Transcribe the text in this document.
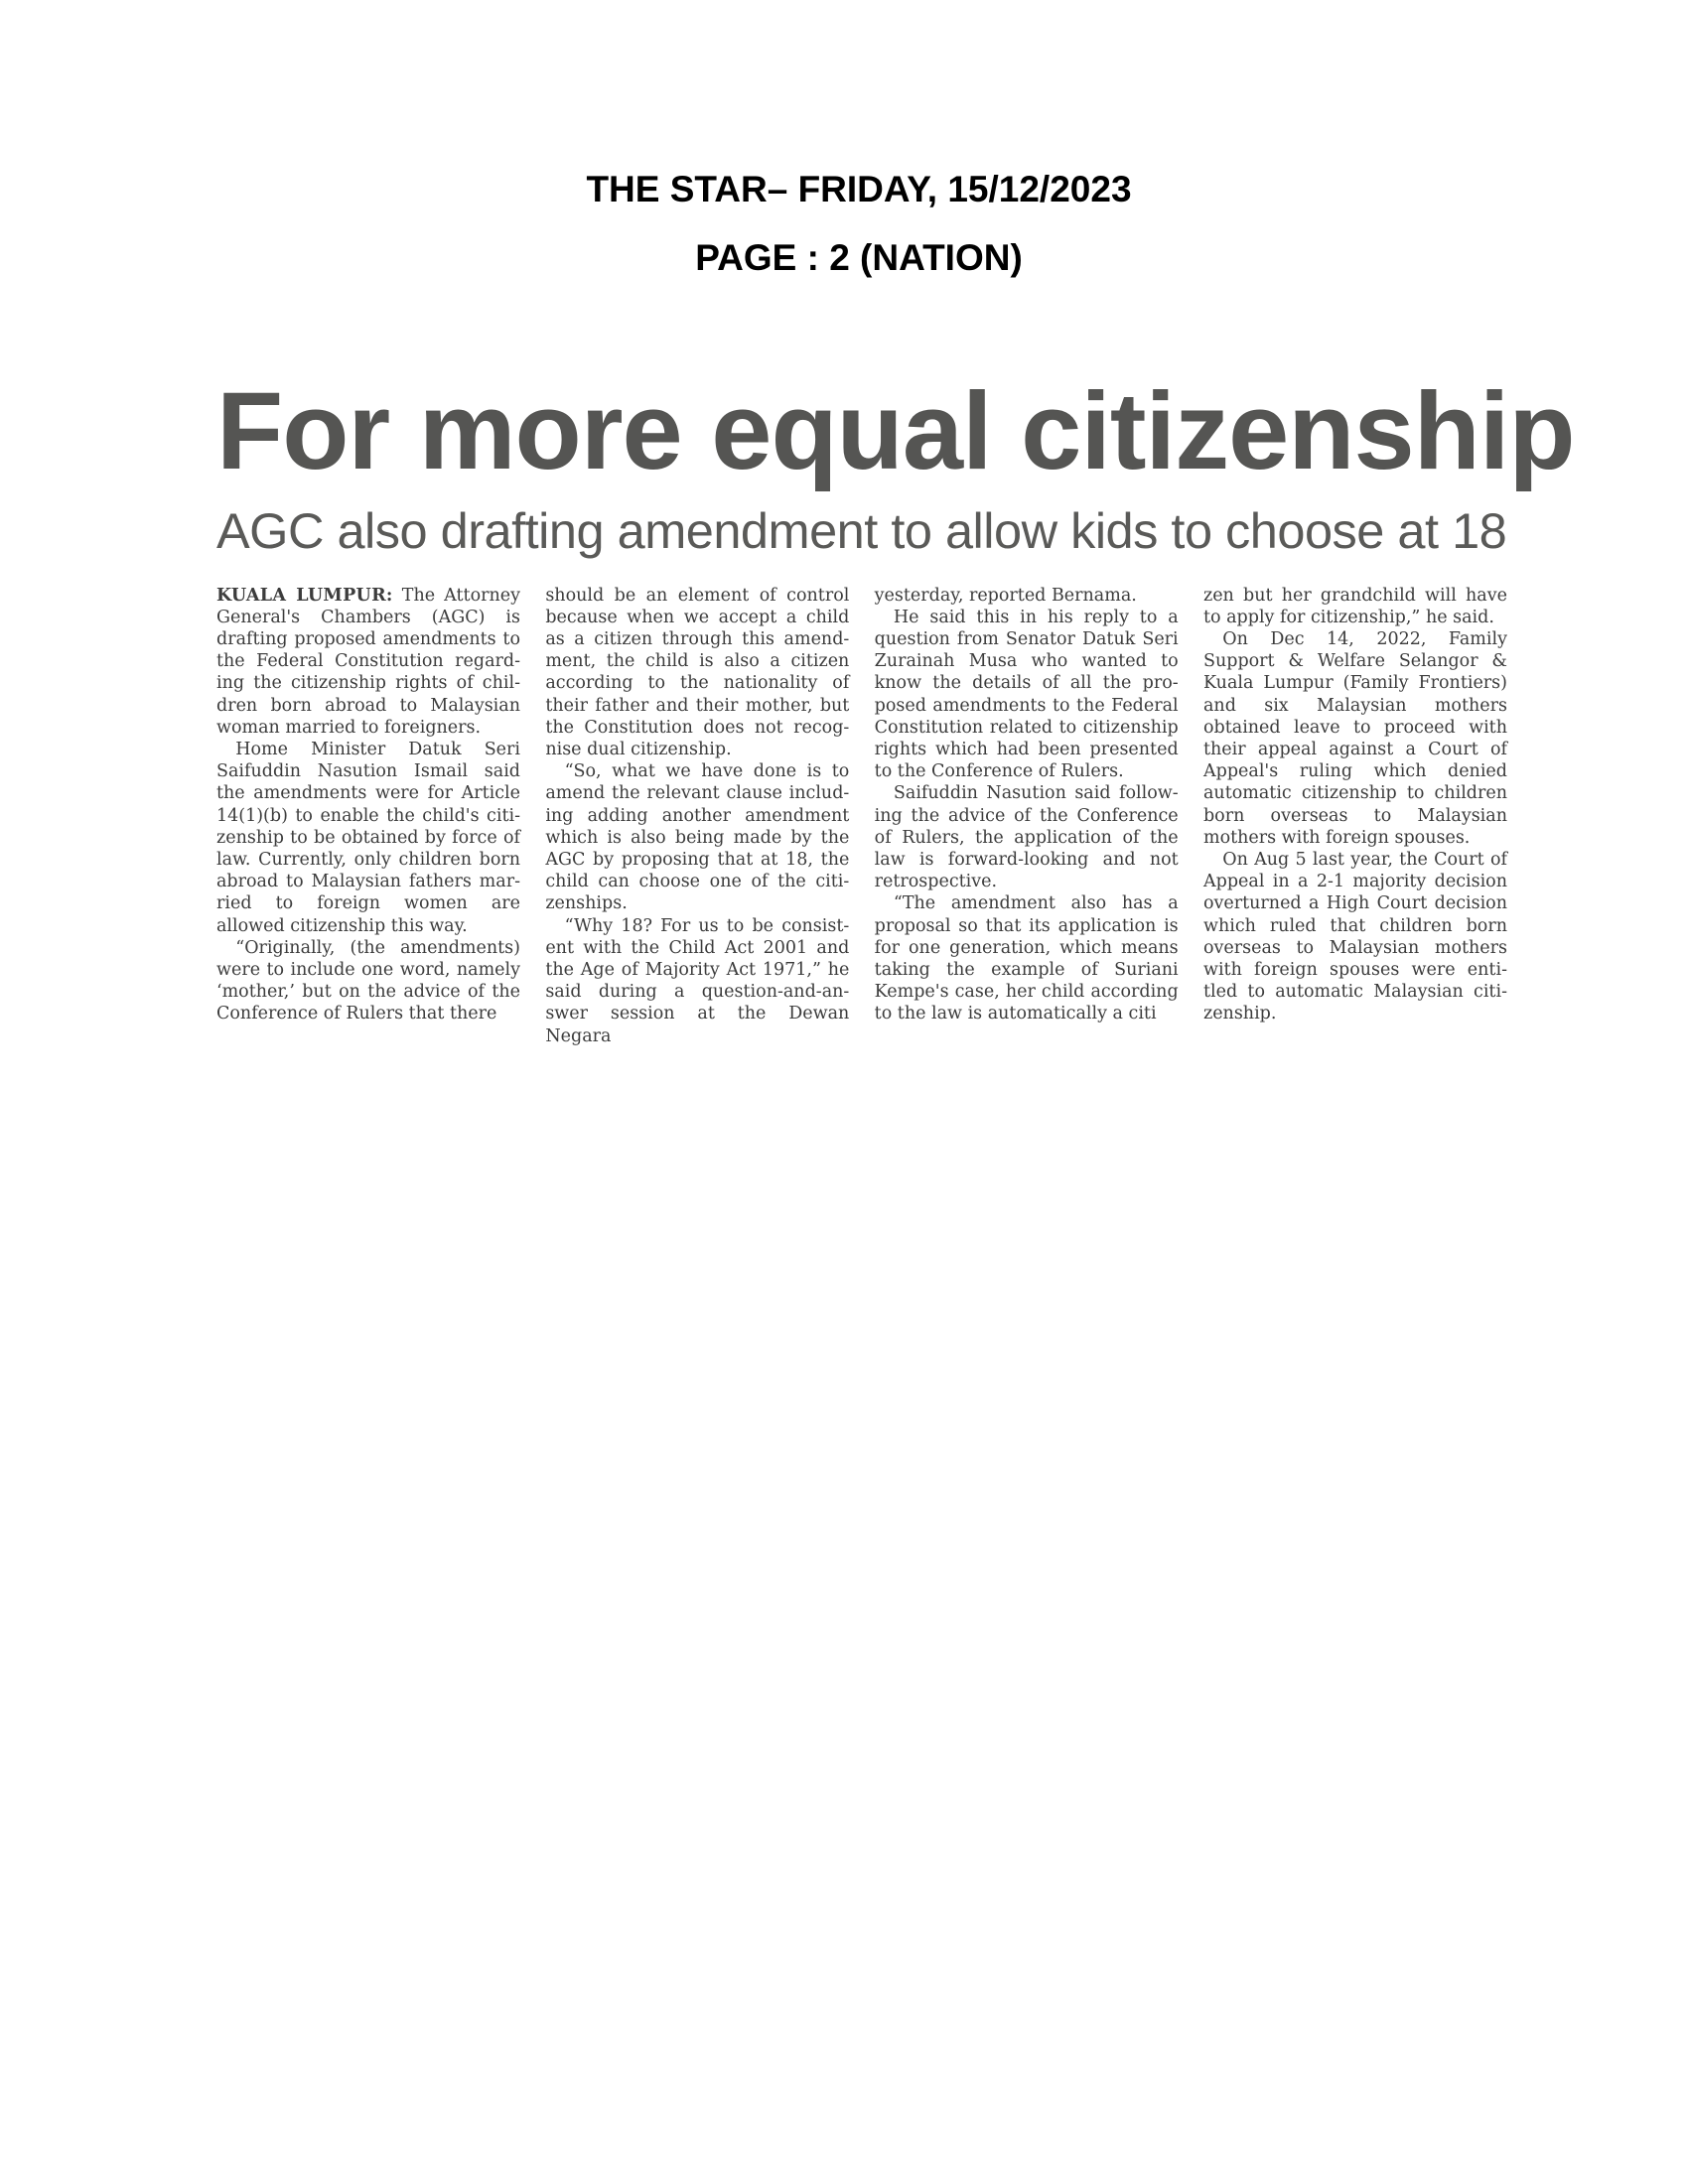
THE STAR– FRIDAY, 15/12/2023
PAGE : 2 (NATION)
For more equal citizenship
AGC also drafting amendment to allow kids to choose at 18

KUALA LUMPUR: The Attorney General's Chambers (AGC) is drafting proposed amendments to the Federal Constitution regarding the citizenship rights of children born abroad to Malaysian woman married to foreigners.

Home Minister Datuk Seri Saifuddin Nasution Ismail said the amendments were for Article 14(1)(b) to enable the child's citizenship to be obtained by force of law. Currently, only children born abroad to Malaysian fathers married to foreign women are allowed citizenship this way.

“Originally, (the amendments) were to include one word, namely ‘mother,’ but on the advice of the Conference of Rulers that there

should be an element of control because when we accept a child as a citizen through this amendment, the child is also a citizen according to the nationality of their father and their mother, but the Constitution does not recognise dual citizenship.

“So, what we have done is to amend the relevant clause including adding another amendment which is also being made by the AGC by proposing that at 18, the child can choose one of the citizenships.

“Why 18? For us to be consistent with the Child Act 2001 and the Age of Majority Act 1971,” he said during a question-and-answer session at the Dewan Negara

yesterday, reported Bernama.

He said this in his reply to a question from Senator Datuk Seri Zurainah Musa who wanted to know the details of all the proposed amendments to the Federal Constitution related to citizenship rights which had been presented to the Conference of Rulers.

Saifuddin Nasution said following the advice of the Conference of Rulers, the application of the law is forward-looking and not retrospective.

“The amendment also has a proposal so that its application is for one generation, which means taking the example of Suriani Kempe's case, her child according to the law is automatically a citi

zen but her grandchild will have to apply for citizenship,” he said.

On Dec 14, 2022, Family Support & Welfare Selangor & Kuala Lumpur (Family Frontiers) and six Malaysian mothers obtained leave to proceed with their appeal against a Court of Appeal's ruling which denied automatic citizenship to children born overseas to Malaysian mothers with foreign spouses.

On Aug 5 last year, the Court of Appeal in a 2-1 majority decision overturned a High Court decision which ruled that children born overseas to Malaysian mothers with foreign spouses were entitled to automatic Malaysian citizenship.
